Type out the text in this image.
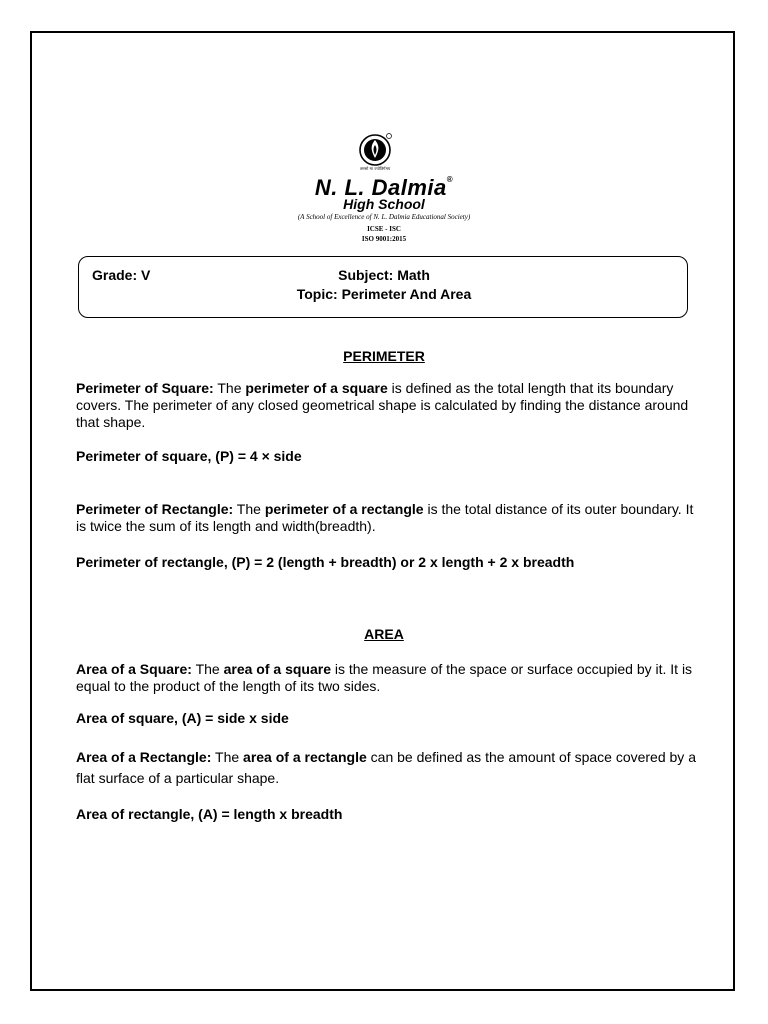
तमसो मा ज्योतिर्गमय
N. L. Dalmia®
High School
(A School of Excellence of N. L. Dalmia Educational Society)
ICSE - ISC
ISO 9001:2015
Grade: V	Subject: Math
Topic: Perimeter And Area
PERIMETER

Perimeter of Square: The perimeter of a square is defined as the total length that its boundary covers. The perimeter of any closed geometrical shape is calculated by finding the distance around that shape.

Perimeter of square, (P) = 4 × side

Perimeter of Rectangle: The perimeter of a rectangle is the total distance of its outer boundary. It is twice the sum of its length and width(breadth).

Perimeter of rectangle, (P) = 2 (length + breadth) or 2 x length + 2 x breadth
AREA

Area of a Square: The area of a square is the measure of the space or surface occupied by it. It is equal to the product of the length of its two sides.

Area of square, (A) = side x side

Area of a Rectangle: The area of a rectangle can be defined as the amount of space covered by a flat surface of a particular shape.

Area of rectangle, (A) = length x breadth
